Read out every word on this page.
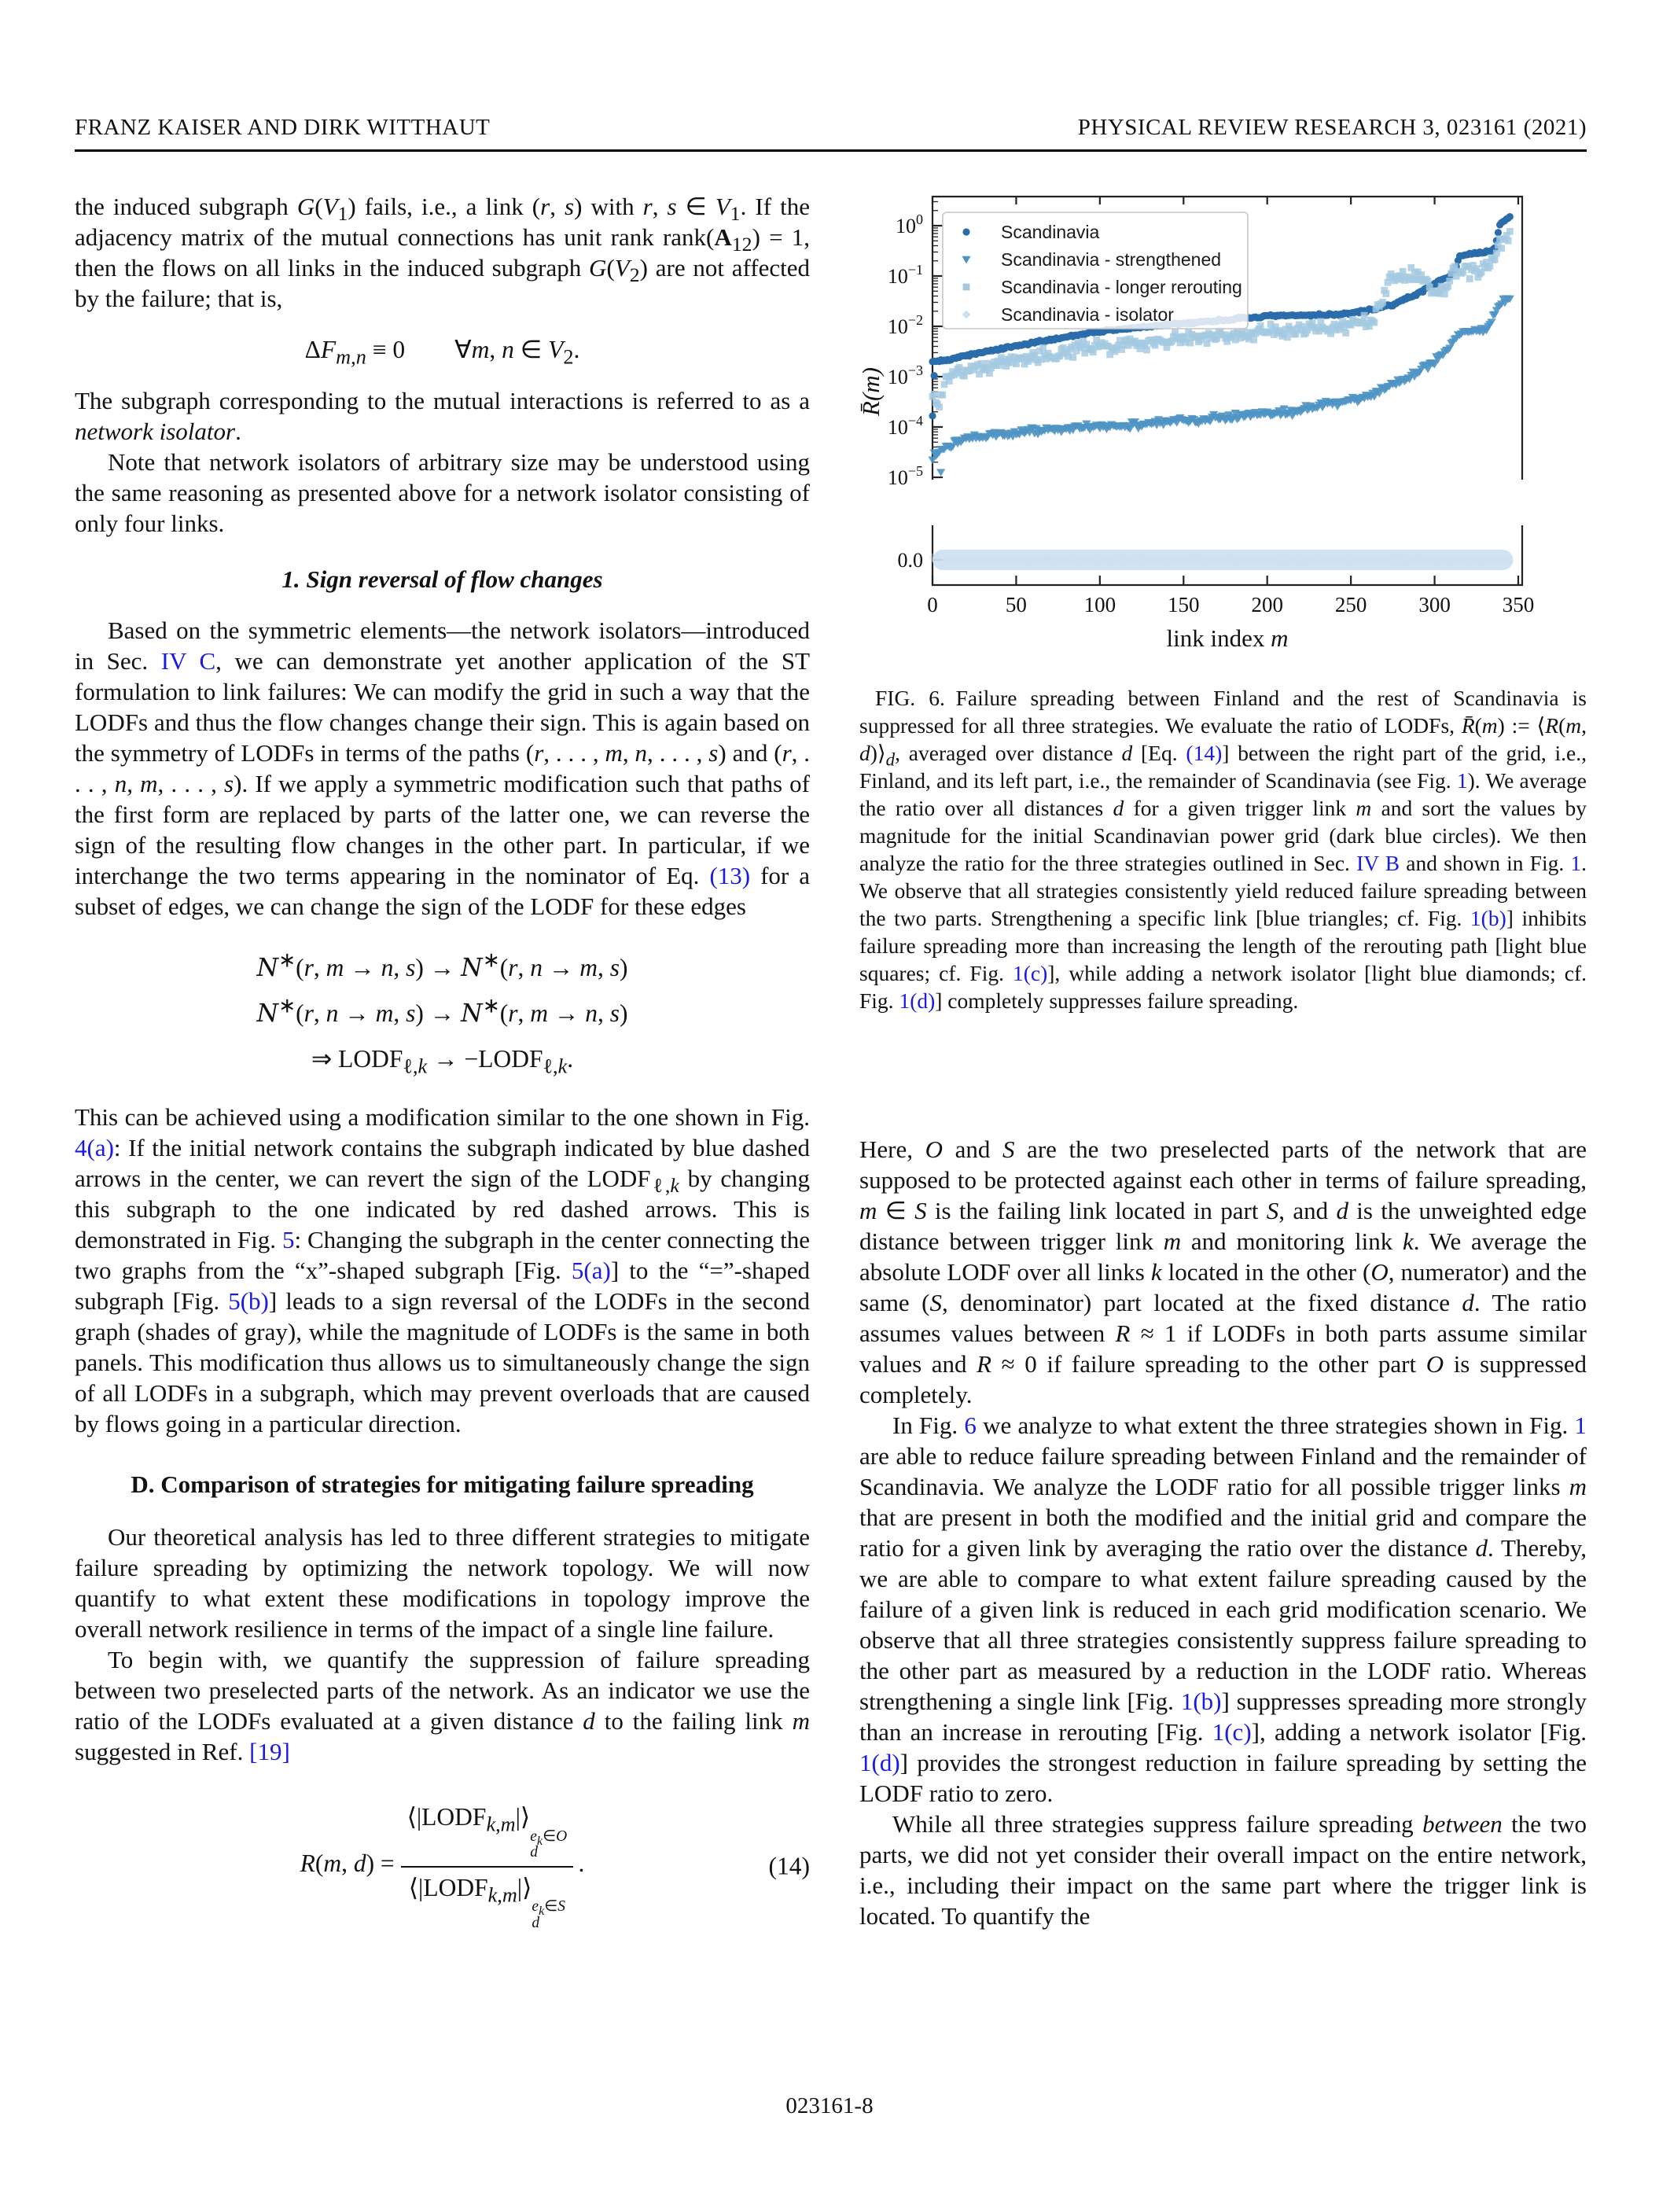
FRANZ KAISER AND DIRK WITTHAUT	PHYSICAL REVIEW RESEARCH 3, 023161 (2021)

the induced subgraph $G(V_1)$ fails, i.e., a link (r, s) with r, s ∈ $V_1$. If the adjacency matrix of the mutual connections has unit rank $rank(A_{12}) = 1$, then the flows on all links in the induced subgraph $G(V_2)$ are not affected by the failure; that is,

$\Delta F_{m,n} \equiv 0$  ∀m, n ∈ $V_2$.

The subgraph corresponding to the mutual interactions is referred to as a network isolator.

Note that network isolators of arbitrary size may be understood using the same reasoning as presented above for a network isolator consisting of only four links.

1. Sign reversal of flow changes

Based on the symmetric elements—the network isolators—introduced in Sec. IV C, we can demonstrate yet another application of the ST formulation to link failures: We can modify the grid in such a way that the LODFs and thus the flow changes change their sign. This is again based on the symmetry of LODFs in terms of the paths (r, . . . , m, n, . . . , s) and (r, . . . , n, m, . . . , s). If we apply a symmetric modification such that paths of the first form are replaced by parts of the latter one, we can reverse the sign of the resulting flow changes in the other part. In particular, if we interchange the two terms appearing in the nominator of Eq. (13) for a subset of edges, we can change the sign of the LODF for these edges

N∗(r, m → n, s) → N∗(r, n → m, s)
N∗(r, n → m, s) → N∗(r, m → n, s)
⇒ $LODF_{\ell,k}$ → $-LODF_{\ell,k}$.

This can be achieved using a modification similar to the one shown in Fig. 4(a): If the initial network contains the subgraph indicated by blue dashed arrows in the center, we can revert the sign of the $LODF_{\ell,k}$ by changing this subgraph to the one indicated by red dashed arrows. This is demonstrated in Fig. 5: Changing the subgraph in the center connecting the two graphs from the “x”-shaped subgraph [Fig. 5(a)] to the “=”-shaped subgraph [Fig. 5(b)] leads to a sign reversal of the LODFs in the second graph (shades of gray), while the magnitude of LODFs is the same in both panels. This modification thus allows us to simultaneously change the sign of all LODFs in a subgraph, which may prevent overloads that are caused by flows going in a particular direction.

D. Comparison of strategies for mitigating failure spreading

Our theoretical analysis has led to three different strategies to mitigate failure spreading by optimizing the network topology. We will now quantify to what extent these modifications in topology improve the overall network resilience in terms of the impact of a single line failure.

To begin with, we quantify the suppression of failure spreading between two preselected parts of the network. As an indicator we use the ratio of the LODFs evaluated at a given distance d to the failing link m suggested in Ref. [19]

R(m, $d) = ⟨|LODF_{k,m}|⟩$
$e_k\in O$
d
$⟨|LODF_{k,m}|⟩$
$e_k\in S$
d  .	(14)
$10^0$
$10^{-1}$
$10^{-2}$
$10^{-3}$
$10^{-4}$
$10^{-5}$
0.0
0	50	100 150 200 250 300 350
link index m
R̄(m)
Scandinavia
Scandinavia - strengthened
Scandinavia - longer rerouting
Scandinavia - isolator
FIG. 6. Failure spreading between Finland and the rest of Scandinavia is suppressed for all three strategies. We evaluate the ratio of LODFs, R̄(m) := ⟨R(m, $d)⟩_d$, averaged over distance d [Eq. (14)] between the right part of the grid, i.e., Finland, and its left part, i.e., the remainder of Scandinavia (see Fig. 1). We average the ratio over all distances d for a given trigger link m and sort the values by magnitude for the initial Scandinavian power grid (dark blue circles). We then analyze the ratio for the three strategies outlined in Sec. IV B and shown in Fig. 1. We observe that all strategies consistently yield reduced failure spreading between the two parts. Strengthening a specific link [blue triangles; cf. Fig. 1(b)] inhibits failure spreading more than increasing the length of the rerouting path [light blue squares; cf. Fig. 1(c)], while adding a network isolator [light blue diamonds; cf. Fig. 1(d)] completely suppresses failure spreading.

Here, O and S are the two preselected parts of the network that are supposed to be protected against each other in terms of failure spreading, m ∈ S is the failing link located in part S, and d is the unweighted edge distance between trigger link m and monitoring link k. We average the absolute LODF over all links k located in the other (O, numerator) and the same (S, denominator) part located at the fixed distance d. The ratio assumes values between R ≈ 1 if LODFs in both parts assume similar values and R ≈ 0 if failure spreading to the other part O is suppressed completely.

In Fig. 6 we analyze to what extent the three strategies shown in Fig. 1 are able to reduce failure spreading between Finland and the remainder of Scandinavia. We analyze the LODF ratio for all possible trigger links m that are present in both the modified and the initial grid and compare the ratio for a given link by averaging the ratio over the distance d. Thereby, we are able to compare to what extent failure spreading caused by the failure of a given link is reduced in each grid modification scenario. We observe that all three strategies consistently suppress failure spreading to the other part as measured by a reduction in the LODF ratio. Whereas strengthening a single link [Fig. 1(b)] suppresses spreading more strongly than an increase in rerouting [Fig. 1(c)], adding a network isolator [Fig. 1(d)] provides the strongest reduction in failure spreading by setting the LODF ratio to zero.

While all three strategies suppress failure spreading between the two parts, we did not yet consider their overall impact on the entire network, i.e., including their impact on the same part where the trigger link is located. To quantify the

023161-8
